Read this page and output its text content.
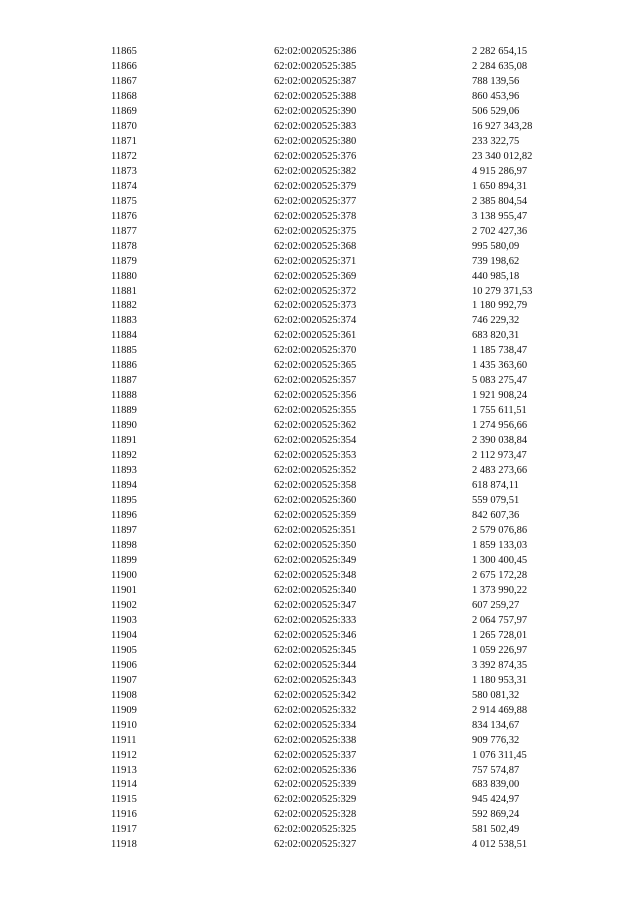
11865	62:02:0020525:386	2 282 654,15
11866	62:02:0020525:385	2 284 635,08
11867	62:02:0020525:387	788 139,56
11868	62:02:0020525:388	860 453,96
11869	62:02:0020525:390	506 529,06
11870	62:02:0020525:383	16 927 343,28
11871	62:02:0020525:380	233 322,75
11872	62:02:0020525:376	23 340 012,82
11873	62:02:0020525:382	4 915 286,97
11874	62:02:0020525:379	1 650 894,31
11875	62:02:0020525:377	2 385 804,54
11876	62:02:0020525:378	3 138 955,47
11877	62:02:0020525:375	2 702 427,36
11878	62:02:0020525:368	995 580,09
11879	62:02:0020525:371	739 198,62
11880	62:02:0020525:369	440 985,18
11881	62:02:0020525:372	10 279 371,53
11882	62:02:0020525:373	1 180 992,79
11883	62:02:0020525:374	746 229,32
11884	62:02:0020525:361	683 820,31
11885	62:02:0020525:370	1 185 738,47
11886	62:02:0020525:365	1 435 363,60
11887	62:02:0020525:357	5 083 275,47
11888	62:02:0020525:356	1 921 908,24
11889	62:02:0020525:355	1 755 611,51
11890	62:02:0020525:362	1 274 956,66
11891	62:02:0020525:354	2 390 038,84
11892	62:02:0020525:353	2 112 973,47
11893	62:02:0020525:352	2 483 273,66
11894	62:02:0020525:358	618 874,11
11895	62:02:0020525:360	559 079,51
11896	62:02:0020525:359	842 607,36
11897	62:02:0020525:351	2 579 076,86
11898	62:02:0020525:350	1 859 133,03
11899	62:02:0020525:349	1 300 400,45
11900	62:02:0020525:348	2 675 172,28
11901	62:02:0020525:340	1 373 990,22
11902	62:02:0020525:347	607 259,27
11903	62:02:0020525:333	2 064 757,97
11904	62:02:0020525:346	1 265 728,01
11905	62:02:0020525:345	1 059 226,97
11906	62:02:0020525:344	3 392 874,35
11907	62:02:0020525:343	1 180 953,31
11908	62:02:0020525:342	580 081,32
11909	62:02:0020525:332	2 914 469,88
11910	62:02:0020525:334	834 134,67
11911	62:02:0020525:338	909 776,32
11912	62:02:0020525:337	1 076 311,45
11913	62:02:0020525:336	757 574,87
11914	62:02:0020525:339	683 839,00
11915	62:02:0020525:329	945 424,97
11916	62:02:0020525:328	592 869,24
11917	62:02:0020525:325	581 502,49
11918	62:02:0020525:327	4 012 538,51
